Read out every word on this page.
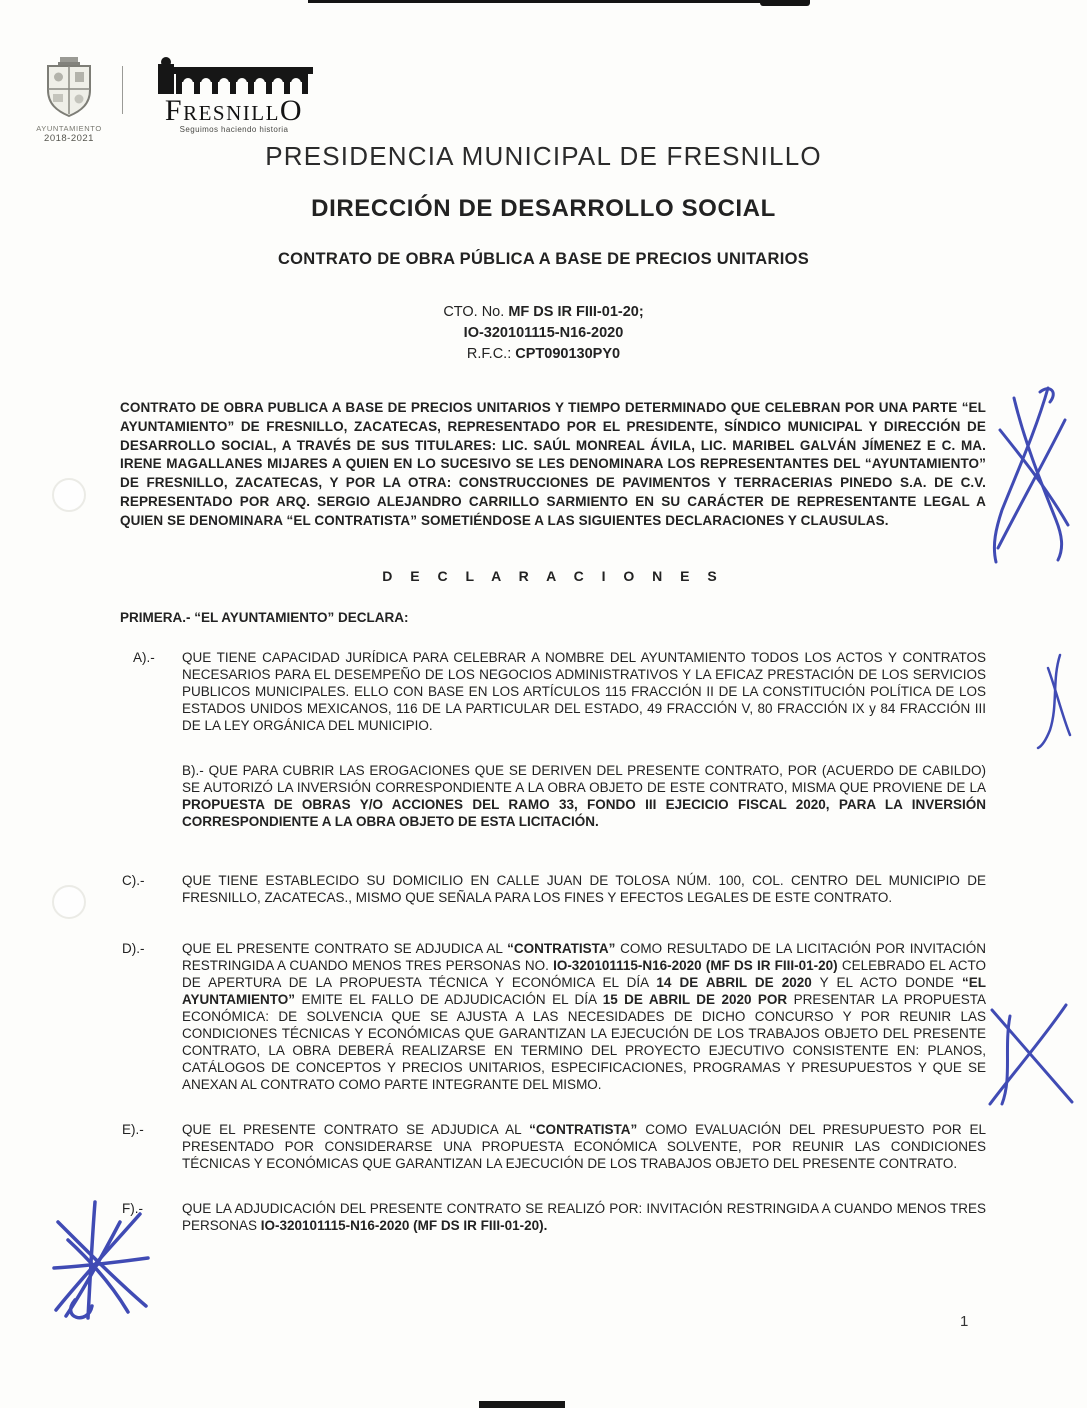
AYUNTAMIENTO
2018-2021
FresnillO
Seguimos haciendo historia
PRESIDENCIA MUNICIPAL DE FRESNILLO
DIRECCIÓN DE DESARROLLO SOCIAL
CONTRATO DE OBRA PÚBLICA A BASE DE PRECIOS UNITARIOS
CTO. No. MF DS IR FIII-01-20;
IO-320101115-N16-2020
R.F.C.: CPT090130PY0

CONTRATO DE OBRA PUBLICA A BASE DE PRECIOS UNITARIOS Y TIEMPO DETERMINADO QUE CELEBRAN POR UNA PARTE “EL AYUNTAMIENTO” DE FRESNILLO, ZACATECAS, REPRESENTADO POR EL PRESIDENTE, SÍNDICO MUNICIPAL Y DIRECCIÓN DE DESARROLLO SOCIAL, A TRAVÉS DE SUS TITULARES: LIC. SAÚL MONREAL ÁVILA, LIC. MARIBEL GALVÁN JÍMENEZ E C. MA. IRENE MAGALLANES MIJARES A QUIEN EN LO SUCESIVO SE LES DENOMINARA LOS REPRESENTANTES DEL “AYUNTAMIENTO” DE FRESNILLO, ZACATECAS, Y POR LA OTRA: CONSTRUCCIONES DE PAVIMENTOS Y TERRACERIAS PINEDO S.A. DE C.V. REPRESENTADO POR ARQ. SERGIO ALEJANDRO CARRILLO SARMIENTO EN SU CARÁCTER DE REPRESENTANTE LEGAL A QUIEN SE DENOMINARA “EL CONTRATISTA” SOMETIÉNDOSE A LAS SIGUIENTES DECLARACIONES Y CLAUSULAS.

D E C L A R A C I O N E S

PRIMERA.- “EL AYUNTAMIENTO” DECLARA:

A).-	QUE TIENE CAPACIDAD JURÍDICA PARA CELEBRAR A NOMBRE DEL AYUNTAMIENTO TODOS LOS ACTOS Y CONTRATOS NECESARIOS PARA EL DESEMPEÑO DE LOS NEGOCIOS ADMINISTRATIVOS Y LA EFICAZ PRESTACIÓN DE LOS SERVICIOS PUBLICOS MUNICIPALES. ELLO CON BASE EN LOS ARTÍCULOS 115 FRACCIÓN II DE LA CONSTITUCIÓN POLÍTICA DE LOS ESTADOS UNIDOS MEXICANOS, 116 DE LA PARTICULAR DEL ESTADO, 49 FRACCIÓN V, 80 FRACCIÓN IX y 84 FRACCIÓN III DE LA LEY ORGÁNICA DEL MUNICIPIO.

B).- QUE PARA CUBRIR LAS EROGACIONES QUE SE DERIVEN DEL PRESENTE CONTRATO, POR (ACUERDO DE CABILDO) SE AUTORIZÓ LA INVERSIÓN CORRESPONDIENTE A LA OBRA OBJETO DE ESTE CONTRATO, MISMA QUE PROVIENE DE LA PROPUESTA DE OBRAS Y/O ACCIONES DEL RAMO 33, FONDO III EJECICIO FISCAL 2020, PARA LA INVERSIÓN CORRESPONDIENTE A LA OBRA OBJETO DE ESTA LICITACIÓN.

C).-	QUE TIENE ESTABLECIDO SU DOMICILIO EN CALLE JUAN DE TOLOSA NÚM. 100, COL. CENTRO DEL MUNICIPIO DE FRESNILLO, ZACATECAS., MISMO QUE SEÑALA PARA LOS FINES Y EFECTOS LEGALES DE ESTE CONTRATO.

D).-	QUE EL PRESENTE CONTRATO SE ADJUDICA AL “CONTRATISTA” COMO RESULTADO DE LA LICITACIÓN POR INVITACIÓN RESTRINGIDA A CUANDO MENOS TRES PERSONAS NO. IO-320101115-N16-2020 (MF DS IR FIII-01-20) CELEBRADO EL ACTO DE APERTURA DE LA PROPUESTA TÉCNICA Y ECONÓMICA EL DÍA 14 DE ABRIL DE 2020 Y EL ACTO DONDE “EL AYUNTAMIENTO” EMITE EL FALLO DE ADJUDICACIÓN EL DÍA 15 DE ABRIL DE 2020 POR PRESENTAR LA PROPUESTA ECONÓMICA: DE SOLVENCIA QUE SE AJUSTA A LAS NECESIDADES DE DICHO CONCURSO Y POR REUNIR LAS CONDICIONES TÉCNICAS Y ECONÓMICAS QUE GARANTIZAN LA EJECUCIÓN DE LOS TRABAJOS OBJETO DEL PRESENTE CONTRATO, LA OBRA DEBERÁ REALIZARSE EN TERMINO DEL PROYECTO EJECUTIVO CONSISTENTE EN: PLANOS, CATÁLOGOS DE CONCEPTOS Y PRECIOS UNITARIOS, ESPECIFICACIONES, PROGRAMAS Y PRESUPUESTOS Y QUE SE ANEXAN AL CONTRATO COMO PARTE INTEGRANTE DEL MISMO.

E).-	QUE EL PRESENTE CONTRATO SE ADJUDICA AL “CONTRATISTA” COMO EVALUACIÓN DEL PRESUPUESTO POR EL PRESENTADO POR CONSIDERARSE UNA PROPUESTA ECONÓMICA SOLVENTE, POR REUNIR LAS CONDICIONES TÉCNICAS Y ECONÓMICAS QUE GARANTIZAN LA EJECUCIÓN DE LOS TRABAJOS OBJETO DEL PRESENTE CONTRATO.

F).-	QUE LA ADJUDICACIÓN DEL PRESENTE CONTRATO SE REALIZÓ POR: INVITACIÓN RESTRINGIDA A CUANDO MENOS TRES PERSONAS IO-320101115-N16-2020 (MF DS IR FIII-01-20).

1
